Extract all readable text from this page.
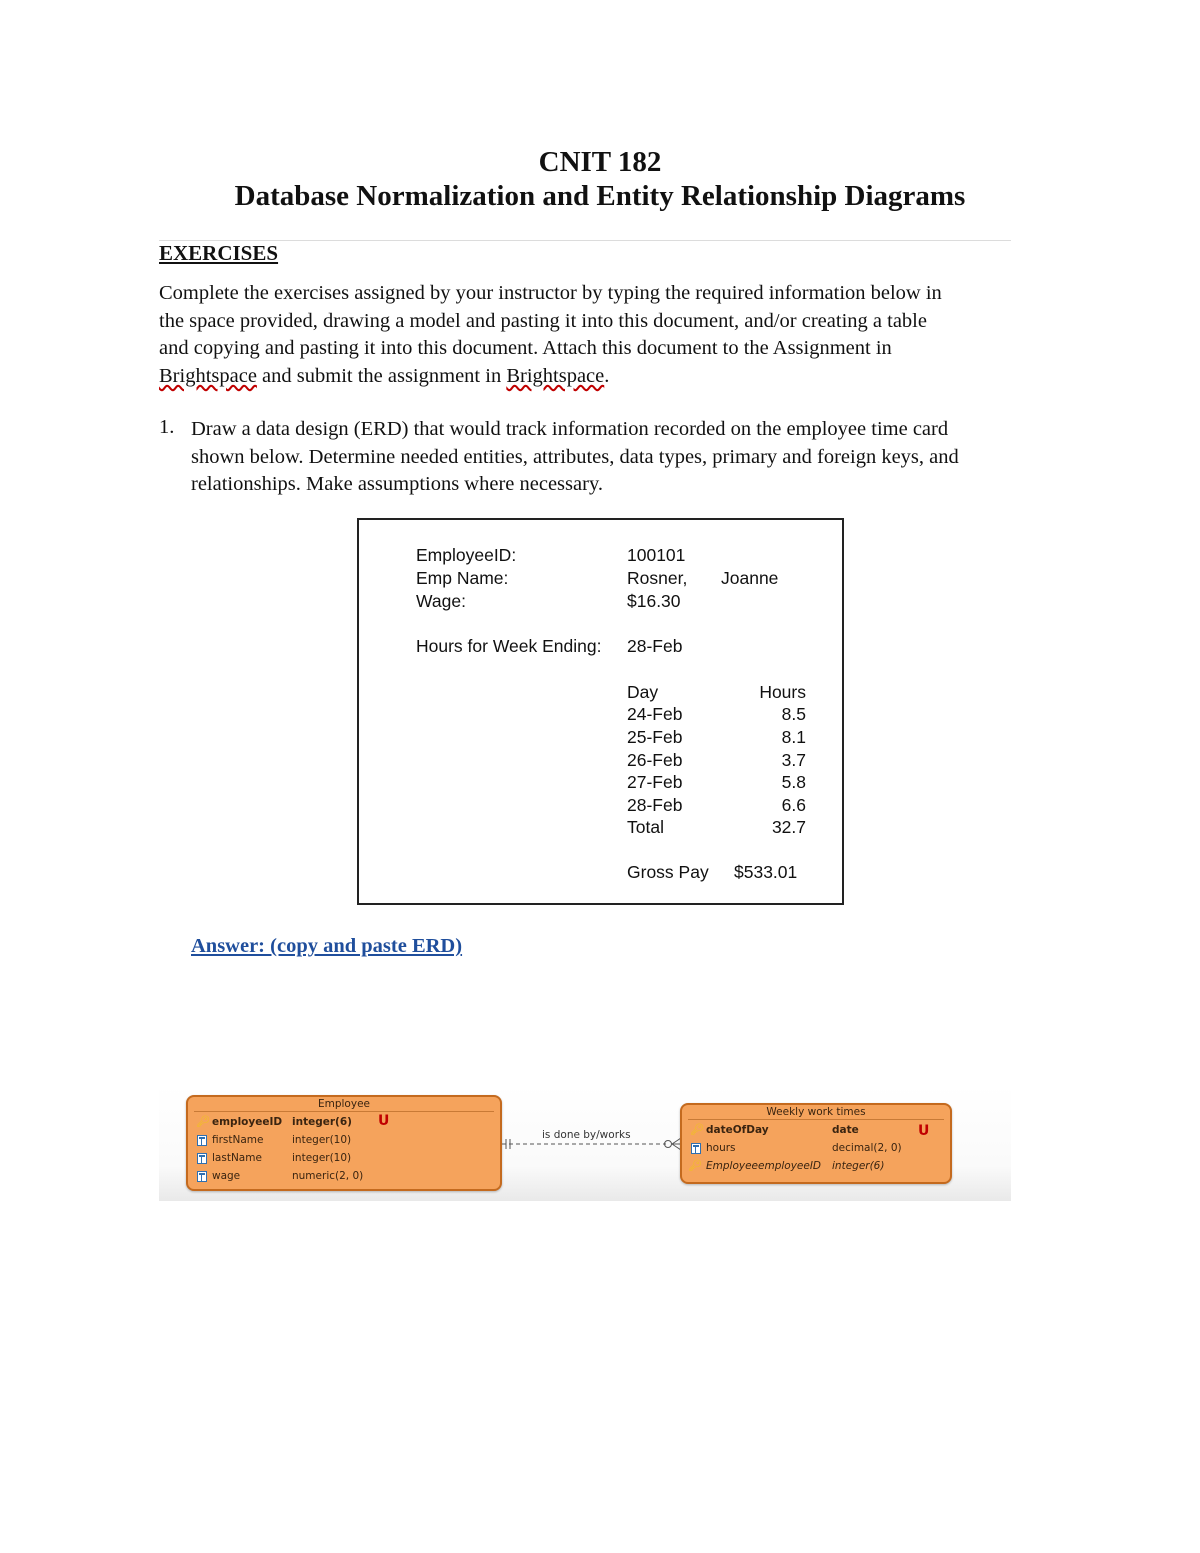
CNIT 182
Database Normalization and Entity Relationship Diagrams
EXERCISES
Complete the exercises assigned by your instructor by typing the required information below in
the space provided, drawing a model and pasting it into this document, and/or creating a table
and copying and pasting it into this document. Attach this document to the Assignment in
Brightspace and submit the assignment in Brightspace.
1. Draw a data design (ERD) that would track information recorded on the employee time card
shown below. Determine needed entities, attributes, data types, primary and foreign keys, and
relationships. Make assumptions where necessary.
EmployeeID:	100101
Emp Name:	Rosner, Joanne
Wage:	$16.30
Hours for Week Ending: 28-Feb
Day	Hours
24-Feb	8.5
25-Feb	8.1
26-Feb	3.7
27-Feb	5.8
28-Feb	6.6
Total	32.7
Gross Pay $533.01
Answer: (copy and paste ERD)
Employee
🔑︎ employeeID integer(6) U
firstName	integer(10)
lastName	integer(10)
wage	numeric(2, 0)
is done by/works
Weekly work times
🔑︎ dateOfDay	date	U
hours	decimal(2, 0)
🔑︎ EmployeeemployeeID integer(6)
